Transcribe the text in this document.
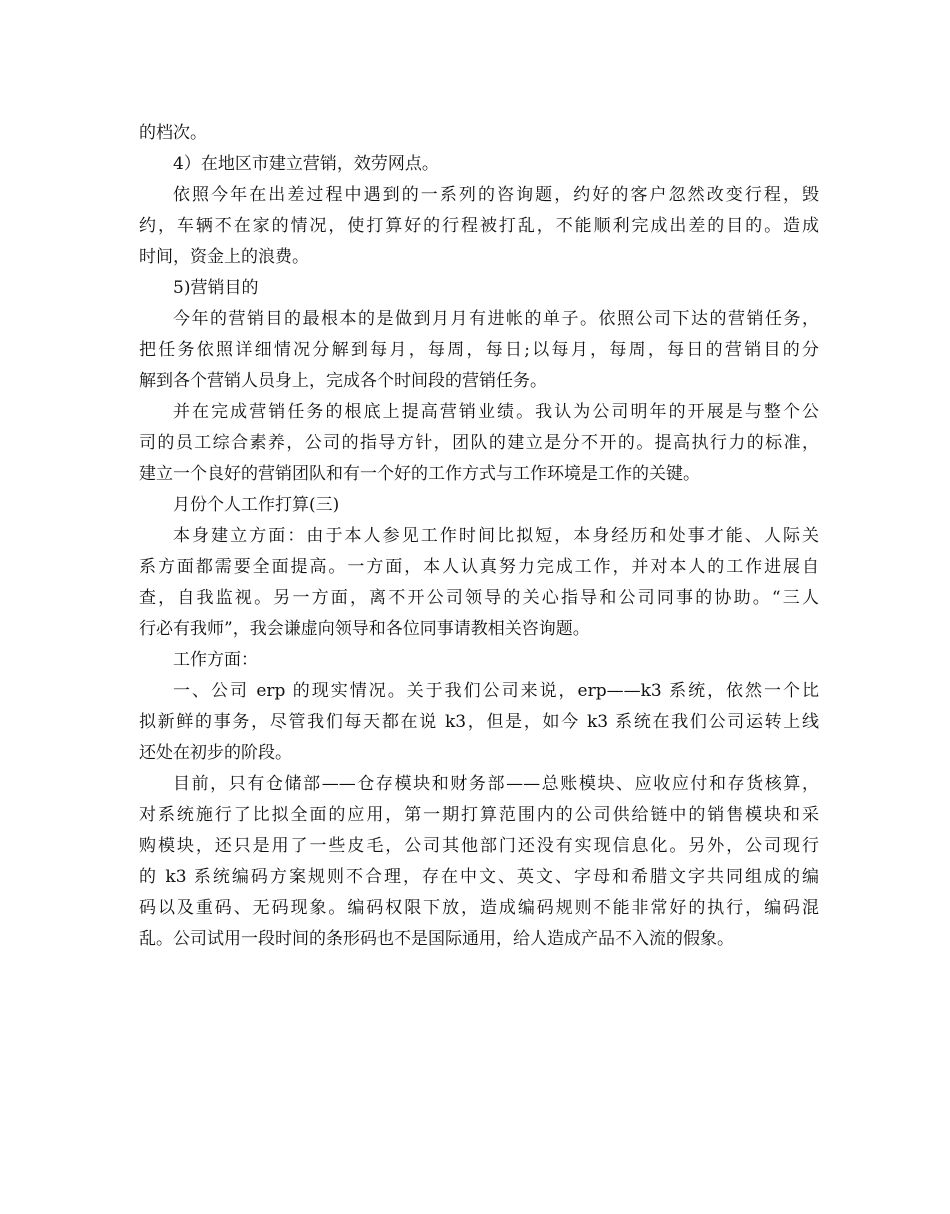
的档次。
4）在地区市建立营销，效劳网点。
依照今年在出差过程中遇到的一系列的咨询题，约好的客户忽然改变行程，毁
约，车辆不在家的情况，使打算好的行程被打乱，不能顺利完成出差的目的。造成
时间，资金上的浪费。
5)营销目的
今年的营销目的最根本的是做到月月有进帐的单子。依照公司下达的营销任务，
把任务依照详细情况分解到每月，每周，每日;以每月，每周，每日的营销目的分
解到各个营销人员身上，完成各个时间段的营销任务。
并在完成营销任务的根底上提高营销业绩。我认为公司明年的开展是与整个公
司的员工综合素养，公司的指导方针，团队的建立是分不开的。提高执行力的标准，
建立一个良好的营销团队和有一个好的工作方式与工作环境是工作的关键。
月份个人工作打算(三)
本身建立方面：由于本人参见工作时间比拟短，本身经历和处事才能、人际关
系方面都需要全面提高。一方面，本人认真努力完成工作，并对本人的工作进展自
查，自我监视。另一方面，离不开公司领导的关心指导和公司同事的协助。“三人
行必有我师”，我会谦虚向领导和各位同事请教相关咨询题。
工作方面：
一、公司 erp 的现实情况。关于我们公司来说，erp——k3 系统，依然一个比
拟新鲜的事务，尽管我们每天都在说 k3，但是，如今 k3 系统在我们公司运转上线
还处在初步的阶段。
目前，只有仓储部——仓存模块和财务部——总账模块、应收应付和存货核算，
对系统施行了比拟全面的应用，第一期打算范围内的公司供给链中的销售模块和采
购模块，还只是用了一些皮毛，公司其他部门还没有实现信息化。另外，公司现行
的 k3 系统编码方案规则不合理，存在中文、英文、字母和希腊文字共同组成的编
码以及重码、无码现象。编码权限下放，造成编码规则不能非常好的执行，编码混
乱。公司试用一段时间的条形码也不是国际通用，给人造成产品不入流的假象。
